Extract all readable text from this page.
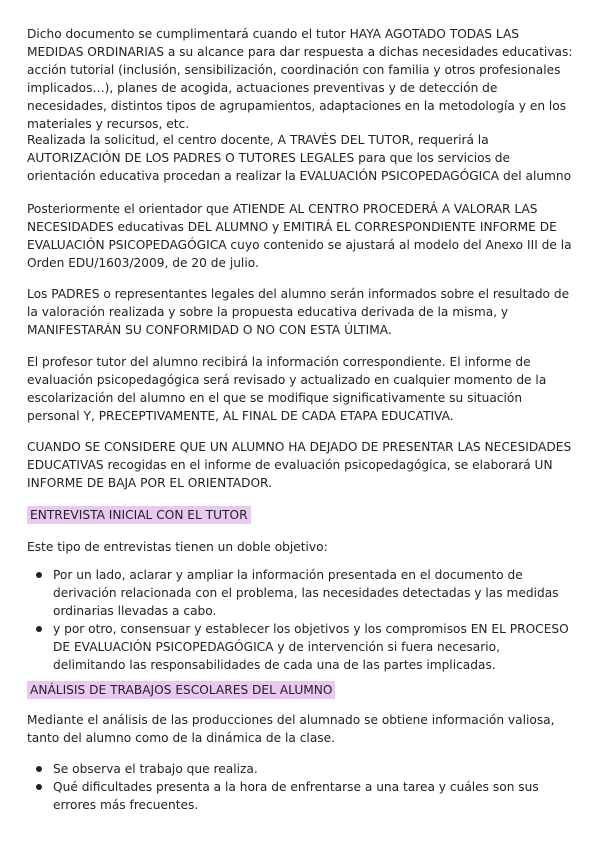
Dicho documento se cumplimentará cuando el tutor HAYA AGOTADO TODAS LAS MEDIDAS ORDINARIAS a su alcance para dar respuesta a dichas necesidades educativas: acción tutorial (inclusión, sensibilización, coordinación con familia y otros profesionales implicados…), planes de acogida, actuaciones preventivas y de detección de necesidades, distintos tipos de agrupamientos, adaptaciones en la metodología y en los materiales y recursos, etc.

Realizada la solicitud, el centro docente, A TRAVÉS DEL TUTOR, requerirá la AUTORIZACIÓN DE LOS PADRES O TUTORES LEGALES para que los servicios de orientación educativa procedan a realizar la EVALUACIÓN PSICOPEDAGÓGICA del alumno

Posteriormente el orientador que ATIENDE AL CENTRO PROCEDERÁ A VALORAR LAS NECESIDADES educativas DEL ALUMNO y EMITIRÁ EL CORRESPONDIENTE INFORME DE EVALUACIÓN PSICOPEDAGÓGICA cuyo contenido se ajustará al modelo del Anexo III de la Orden EDU/1603/2009, de 20 de julio.

Los PADRES o representantes legales del alumno serán informados sobre el resultado de la valoración realizada y sobre la propuesta educativa derivada de la misma, y MANIFESTARÁN SU CONFORMIDAD O NO CON ESTA ÚLTIMA.

El profesor tutor del alumno recibirá la información correspondiente. El informe de evaluación psicopedagógica será revisado y actualizado en cualquier momento de la escolarización del alumno en el que se modifique significativamente su situación personal Y, PRECEPTIVAMENTE, AL FINAL DE CADA ETAPA EDUCATIVA.

CUANDO SE CONSIDERE QUE UN ALUMNO HA DEJADO DE PRESENTAR LAS NECESIDADES EDUCATIVAS recogidas en el informe de evaluación psicopedagógica, se elaborará UN INFORME DE BAJA POR EL ORIENTADOR.

ENTREVISTA INICIAL CON EL TUTOR

Este tipo de entrevistas tienen un doble objetivo:

Por un lado, aclarar y ampliar la información presentada en el documento de derivación relacionada con el problema, las necesidades detectadas y las medidas ordinarias llevadas a cabo.
y por otro, consensuar y establecer los objetivos y los compromisos EN EL PROCESO DE EVALUACIÓN PSICOPEDAGÓGICA y de intervención si fuera necesario, delimitando las responsabilidades de cada una de las partes implicadas.
ANÁLISIS DE TRABAJOS ESCOLARES DEL ALUMNO

Mediante el análisis de las producciones del alumnado se obtiene información valiosa, tanto del alumno como de la dinámica de la clase.

Se observa el trabajo que realiza.
Qué dificultades presenta a la hora de enfrentarse a una tarea y cuáles son sus errores más frecuentes.
